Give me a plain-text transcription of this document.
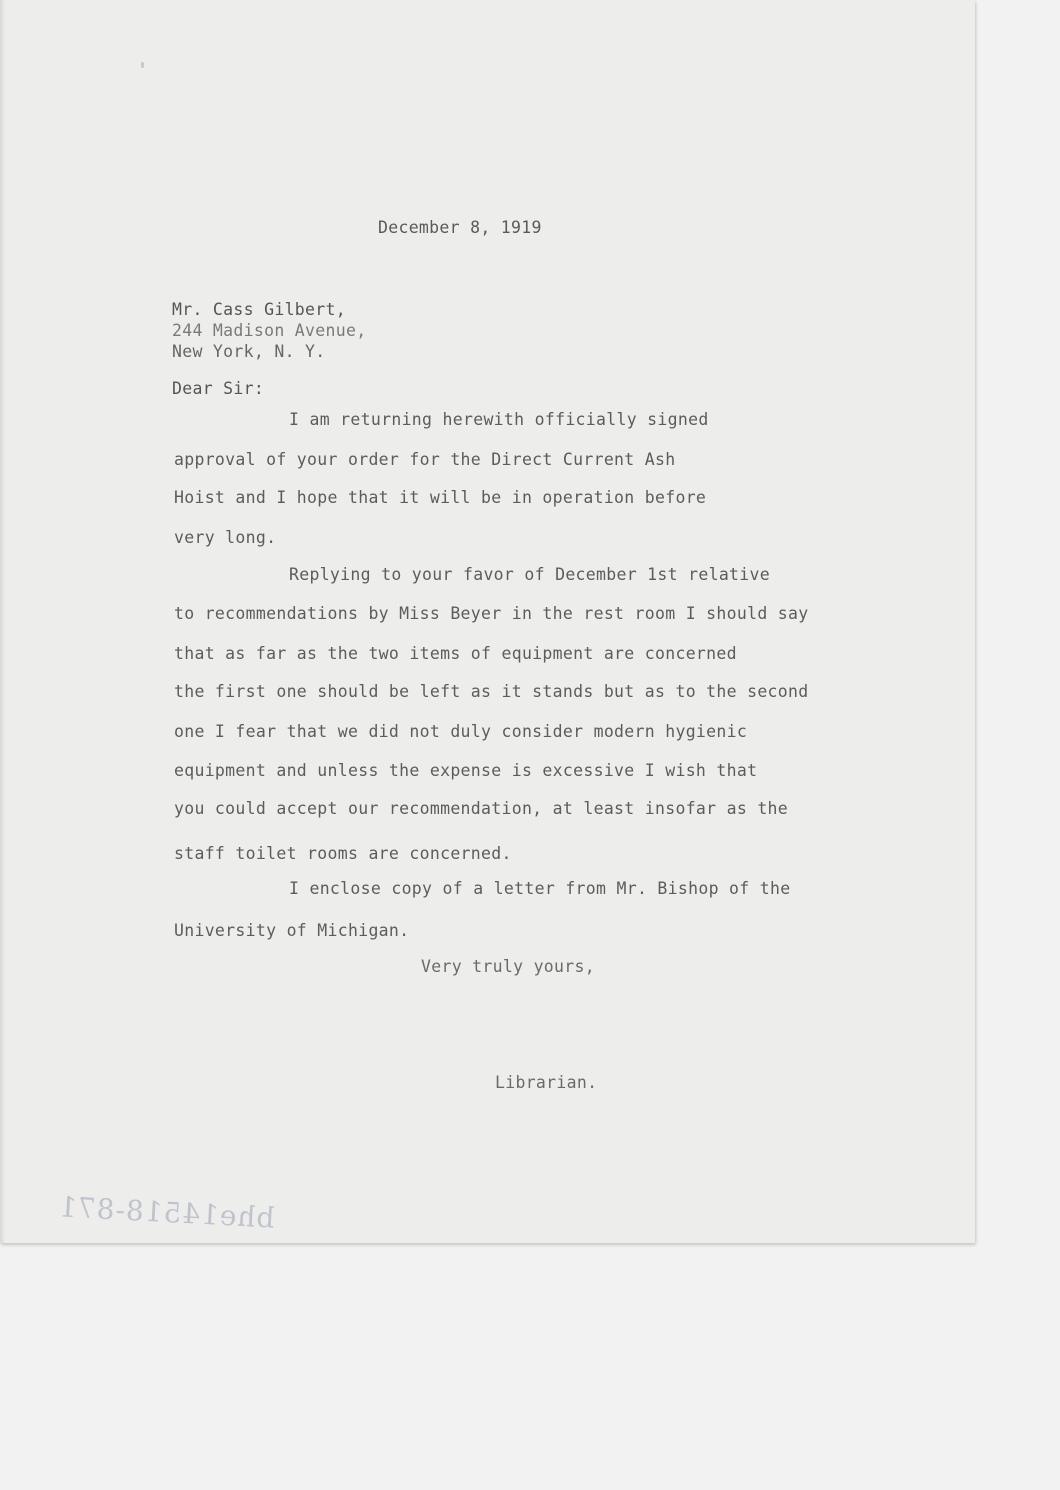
December 8, 1919
Mr. Cass Gilbert,
244 Madison Avenue,
New York, N. Y.
Dear Sir:
I am returning herewith officially signed
approval of your order for the Direct Current Ash
Hoist and I hope that it will be in operation before
very long.
Replying to your favor of December 1st relative
to recommendations by Miss Beyer in the rest room I should say
that as far as the two items of equipment are concerned
the first one should be left as it stands but as to the second
one I fear that we did not duly consider modern hygienic
equipment and unless the expense is excessive I wish that
you could accept our recommendation, at least insofar as the
staff toilet rooms are concerned.
I enclose copy of a letter from Mr. Bishop of the
University of Michigan.
Very truly yours,
Librarian.
bhe14518-871
